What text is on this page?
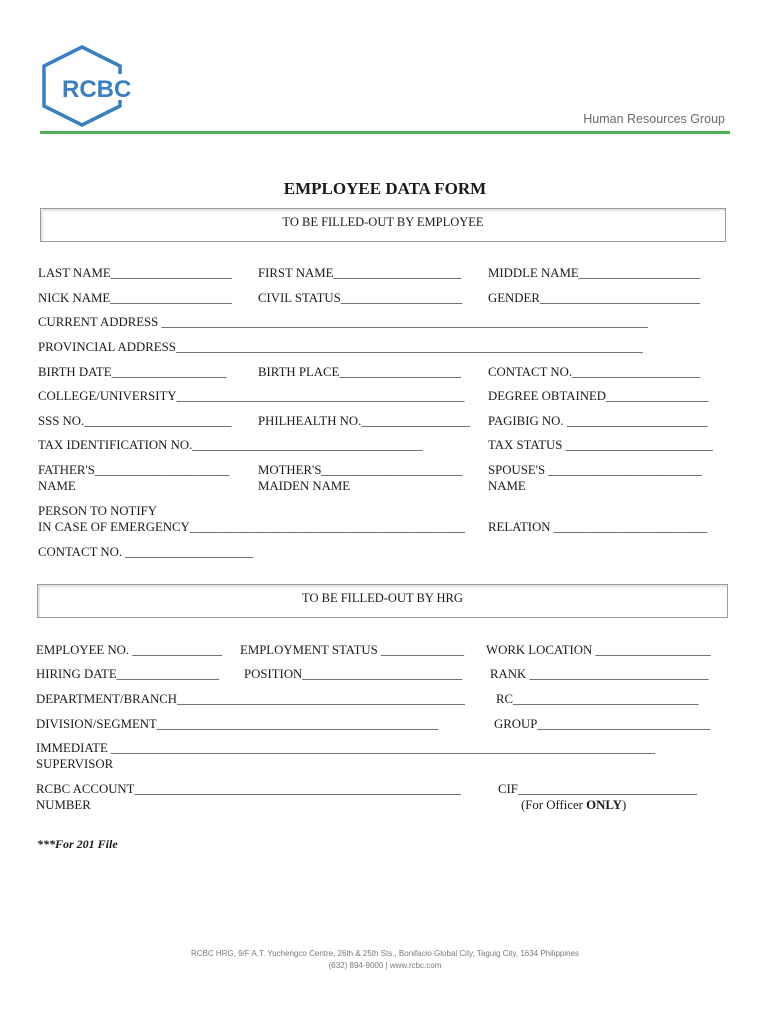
RCBC
Human Resources Group
EMPLOYEE DATA FORM
TO BE FILLED-OUT BY EMPLOYEE
LAST NAME___________________ FIRST NAME____________________ MIDDLE NAME___________________
NICK NAME___________________ CIVIL STATUS___________________ GENDER_________________________
CURRENT ADDRESS ____________________________________________________________________________
PROVINCIAL ADDRESS_________________________________________________________________________
BIRTH DATE__________________ BIRTH PLACE___________________ CONTACT NO.____________________
COLLEGE/UNIVERSITY_____________________________________________ DEGREE OBTAINED________________
SSS NO._______________________ PHILHEALTH NO._________________ PAGIBIG NO. ______________________
TAX IDENTIFICATION NO.____________________________________	TAX STATUS _______________________
FATHER'S_____________________
NAME
MOTHER'S______________________
MAIDEN NAME
SPOUSE'S ________________________
NAME
PERSON TO NOTIFY
IN CASE OF EMERGENCY___________________________________________ RELATION ________________________
CONTACT NO. ____________________
TO BE FILLED-OUT BY HRG
EMPLOYEE NO. ______________ EMPLOYMENT STATUS _____________ WORK LOCATION __________________
HIRING DATE________________ POSITION_________________________ RANK ____________________________
DEPARTMENT/BRANCH_____________________________________________ RC_____________________________
DIVISION/SEGMENT____________________________________________	GROUP___________________________
IMMEDIATE _____________________________________________________________________________________
SUPERVISOR
RCBC ACCOUNT___________________________________________________
NUMBER
CIF____________________________
(For Officer ONLY)
***For 201 File
RCBC HRG, 9/F A.T. Yuchengco Centre, 26th & 25th Sts., Bonifacio Global City, Taguig City, 1634 Philippines
(632) 894-9000 | www.rcbc.com
